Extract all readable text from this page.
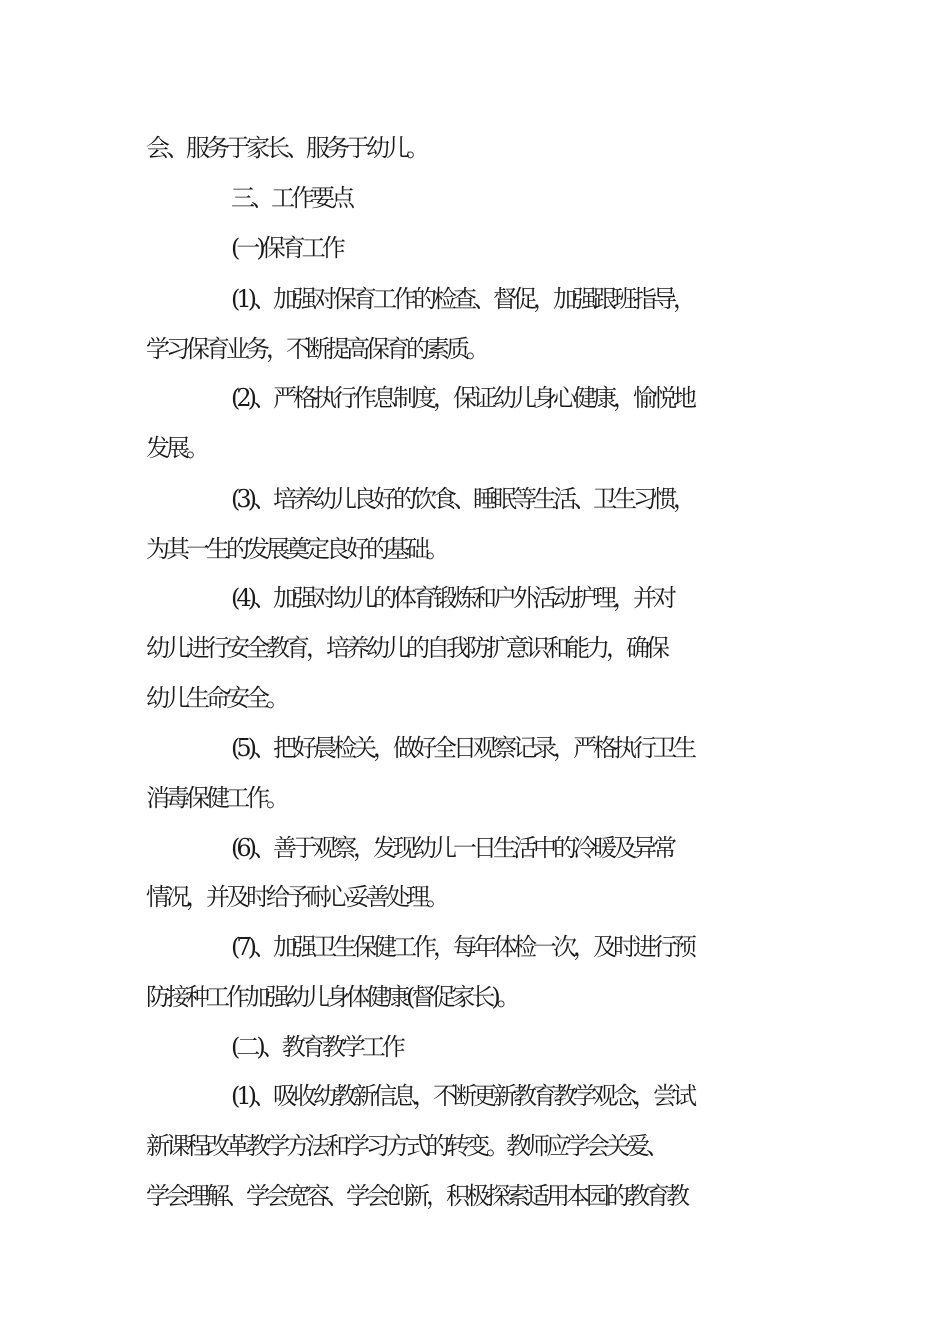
会、服务于家长、服务于幼儿。
三、工作要点
(一)保育工作
(1)、加强对保育工作的检查、督促，加强跟班指导，
学习保育业务，不断提高保育的素质。
(2)、严格执行作息制度，保证幼儿身心健康，愉悦地
发展。
(3)、培养幼儿良好的饮食、睡眠等生活、卫生习惯，
为其一生的发展奠定良好的基础。
(4)、加强对幼儿的体育锻炼和户外活动护理，并对
幼儿进行安全教育，培养幼儿的自我防扩意识和能力，确保
幼儿生命安全。
(5)、把好晨检关，做好全日观察记录，严格执行卫生
消毒保健工作。
(6)、善于观察，发现幼儿一日生活中的冷暖及异常
情况，并及时给予耐心妥善处理。
(7)、加强卫生保健工作，每年体检一次，及时进行预
防接种工作加强幼儿身体健康(督促家长)。
(二)、教育教学工作
(1)、吸收幼教新信息，不断更新教育教学观念，尝试
新课程改革教学方法和学习方式的转变。教师应学会关爱、
学会理解、学会宽容、学会创新，积极探索适用本园的教育教
